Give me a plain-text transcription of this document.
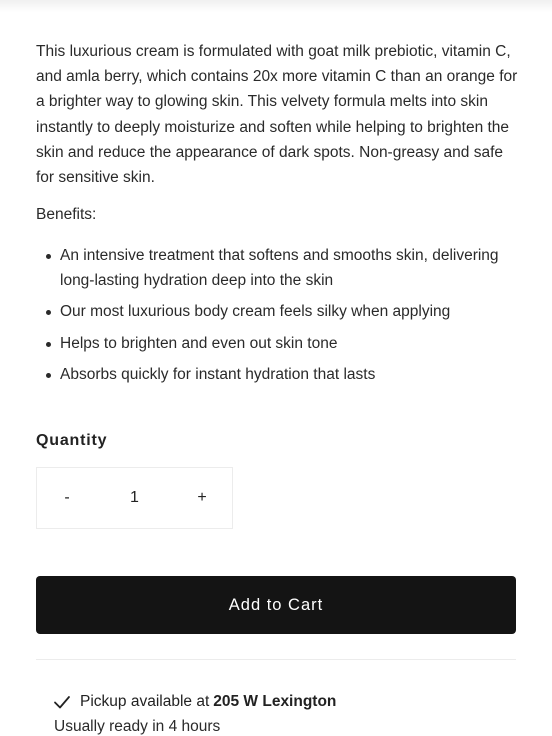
This luxurious cream is formulated with goat milk prebiotic, vitamin C, and amla berry, which contains 20x more vitamin C than an orange for a brighter way to glowing skin. This velvety formula melts into skin instantly to deeply moisturize and soften while helping to brighten the skin and reduce the appearance of dark spots. Non-greasy and safe for sensitive skin.

Benefits:

An intensive treatment that softens and smooths skin, delivering long-lasting hydration deep into the skin
Our most luxurious body cream feels silky when applying
Helps to brighten and even out skin tone
Absorbs quickly for instant hydration that lasts

Quantity

-
1	+
Add to Cart
Pickup available at 205 W Lexington
Usually ready in 4 hours
